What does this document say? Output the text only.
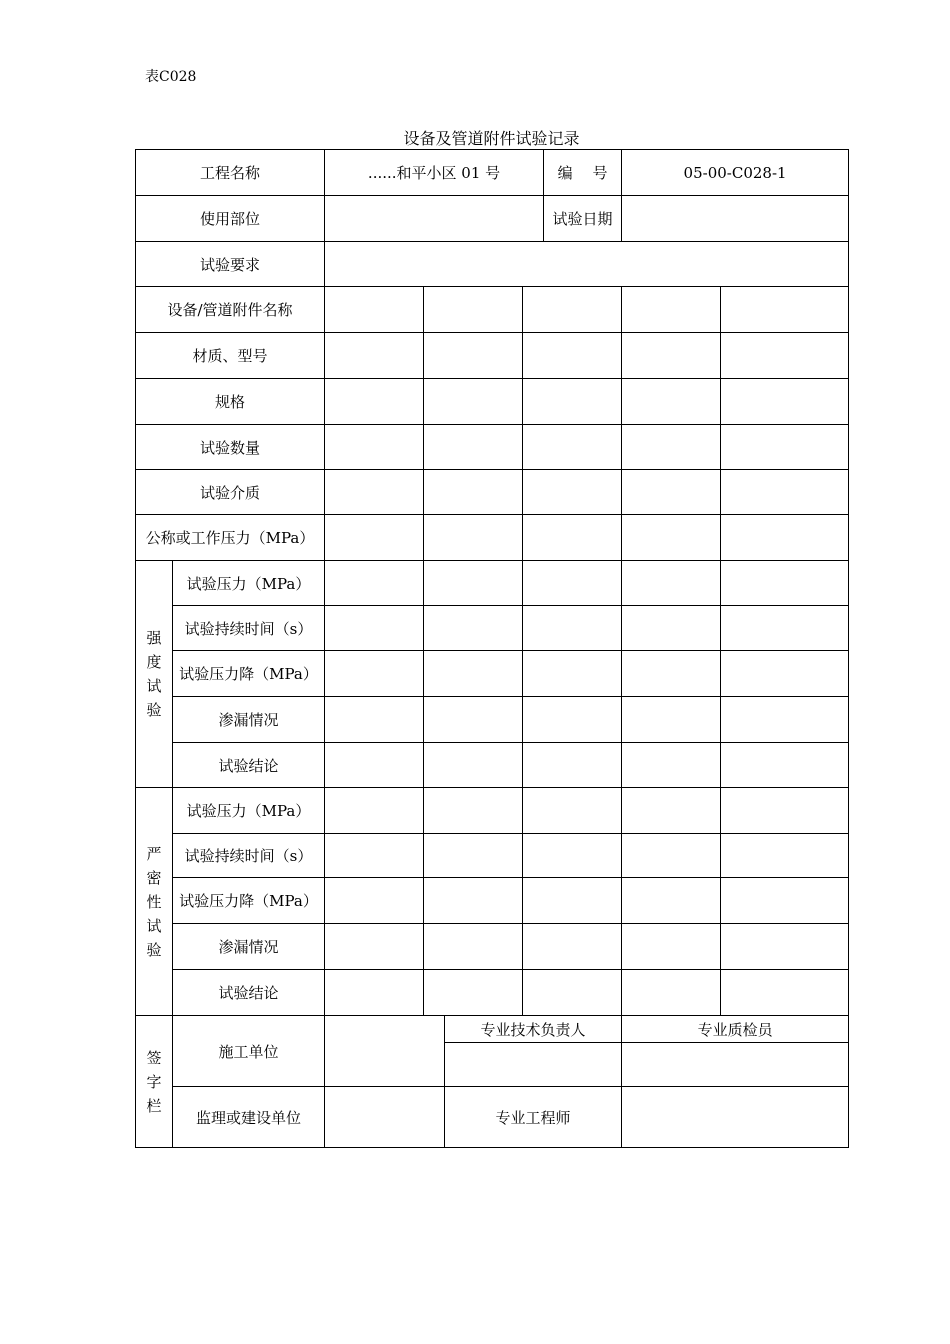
表C028
设备及管道附件试验记录
工程名称		......和平小区 01 号				编　 号	05-00-C028-1	
使用部位						试验日期		
试验要求								
设备/管道附件名称								
材质、型号								
规格								
试验数量								
试验介质								
公称或工作压力（MPa）								

强
度
试
验	试验压力（MPa）							
	试验持续时间（s）							
	试验压力降（MPa）							
	渗漏情况							
	试验结论							

严
密
性
试
验	试验压力（MPa）							
	试验持续时间（s）							
	试验压力降（MPa）							
	渗漏情况							
	试验结论							

签
字
栏	施工单位			专业技术负责人			专业质检员	

	监理或建设单位			专业工程师				
